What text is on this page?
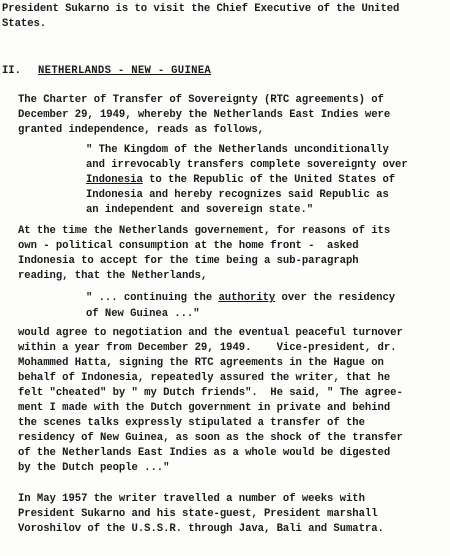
President Sukarno is to visit the Chief Executive of the United
States.
II. NETHERLANDS - NEW - GUINEA
The Charter of Transfer of Sovereignty (RTC agreements) of
December 29, 1949, whereby the Netherlands East Indies were
granted independence, reads as follows,
" The Kingdom of the Netherlands unconditionally
and irrevocably transfers complete sovereignty over
Indonesia to the Republic of the United States of
Indonesia and hereby recognizes said Republic as
an independent and sovereign state."
At the time the Netherlands governement, for reasons of its
own - political consumption at the home front -  asked
Indonesia to accept for the time being a sub-paragraph
reading, that the Netherlands,
" ... continuing the authority over the residency
of New Guinea ..."
would agree to negotiation and the eventual peaceful turnover
within a year from December 29, 1949.    Vice-president, dr.
Mohammed Hatta, signing the RTC agreements in the Hague on
behalf of Indonesia, repeatedly assured the writer, that he
felt "cheated" by " my Dutch friends".  He said, " The agree-
ment I made with the Dutch government in private and behind
the scenes talks expressly stipulated a transfer of the
residency of New Guinea, as soon as the shock of the transfer
of the Netherlands East Indies as a whole would be digested
by the Dutch people ..."
In May 1957 the writer travelled a number of weeks with
President Sukarno and his state-guest, President marshall
Voroshilov of the U.S.S.R. through Java, Bali and Sumatra.
